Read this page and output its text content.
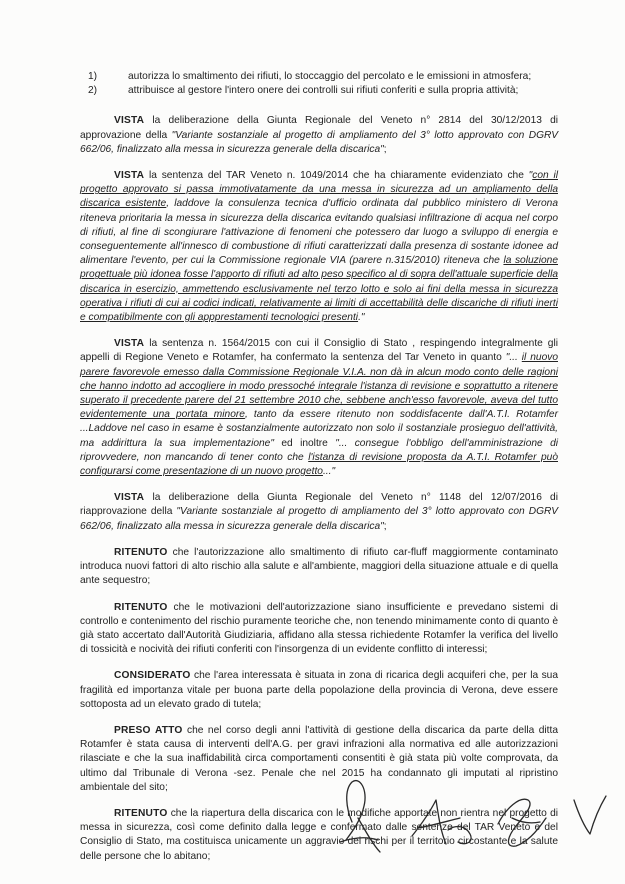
1)	autorizza lo smaltimento dei rifiuti, lo stoccaggio del percolato e le emissioni in atmosfera;
2)	attribuisce al gestore l'intero onere dei controlli sui rifiuti conferiti e sulla propria attività;

VISTA la deliberazione della Giunta Regionale del Veneto n° 2814 del 30/12/2013 di approvazione della "Variante sostanziale al progetto di ampliamento del 3° lotto approvato con DGRV 662/06, finalizzato alla messa in sicurezza generale della discarica";

VISTA la sentenza del TAR Veneto n. 1049/2014 che ha chiaramente evidenziato che "con il progetto approvato si passa immotivatamente da una messa in sicurezza ad un ampliamento della discarica esistente, laddove la consulenza tecnica d'ufficio ordinata dal pubblico ministero di Verona riteneva prioritaria la messa in sicurezza della discarica evitando qualsiasi infiltrazione di acqua nel corpo di rifiuti, al fine di scongiurare l'attivazione di fenomeni che potessero dar luogo a sviluppo di energia e conseguentemente all'innesco di combustione di rifiuti caratterizzati dalla presenza di sostante idonee ad alimentare l'evento, per cui la Commissione regionale VIA (parere n.315/2010) riteneva che la soluzione progettuale più idonea fosse l'apporto di rifiuti ad alto peso specifico al di sopra dell'attuale superficie della discarica in esercizio, ammettendo esclusivamente nel terzo lotto e solo ai fini della messa in sicurezza operativa i rifiuti di cui ai codici indicati, relativamente ai limiti di accettabilità delle discariche di rifiuti inerti e compatibilmente con gli appprestamenti tecnologici presenti."

VISTA la sentenza n. 1564/2015 con cui il Consiglio di Stato , respingendo integralmente gli appelli di Regione Veneto e Rotamfer, ha confermato la sentenza del Tar Veneto in quanto "... il nuovo parere favorevole emesso dalla Commissione Regionale V.I.A. non dà in alcun modo conto delle ragioni che hanno indotto ad accogliere in modo pressoché integrale l'istanza di revisione e soprattutto a ritenere superato il precedente parere del 21 settembre 2010 che, sebbene anch'esso favorevole, aveva del tutto evidentemente una portata minore, tanto da essere ritenuto non soddisfacente dall'A.T.I. Rotamfer ...Laddove nel caso in esame è sostanzialmente autorizzato non solo il sostanziale prosieguo dell'attività, ma addirittura la sua implementazione" ed inoltre "... conseguе l'obbligo dell'amministrazione di riprovvedere, non mancando di tener conto che l'istanza di revisione proposta da A.T.I. Rotamfer può configurarsi come presentazione di un nuovo progetto..."

VISTA la deliberazione della Giunta Regionale del Veneto n° 1148 del 12/07/2016 di riapprovazione della "Variante sostanziale al progetto di ampliamento del 3° lotto approvato con DGRV 662/06, finalizzato alla messa in sicurezza generale della discarica";

RITENUTO che l'autorizzazione allo smaltimento di rifiuto car-fluff maggiormente contaminato introduca nuovi fattori di alto rischio alla salute e all'ambiente, maggiori della situazione attuale e di quella ante sequestro;

RITENUTO che le motivazioni dell'autorizzazione siano insufficiente e prevedano sistemi di controllo e contenimento del rischio puramente teoriche che, non tenendo minimamente conto di quanto è già stato accertato dall'Autorità Giudiziaria, affidano alla stessa richiedente Rotamfer la verifica del livello di tossicità e nocività dei rifiuti conferiti con l'insorgenza di un evidente conflitto di interessi;

CONSIDERATO che l'area interessata è situata in zona di ricarica degli acquiferi che, per la sua fragilità ed importanza vitale per buona parte della popolazione della provincia di Verona, deve essere sottoposta ad un elevato grado di tutela;

PRESO ATTO che nel corso degli anni l'attività di gestione della discarica da parte della ditta Rotamfer è stata causa di interventi dell'A.G. per gravi infrazioni alla normativa ed alle autorizzazioni rilasciate e che la sua inaffidabilità circa comportamenti consentiti è già stata più volte comprovata, da ultimo dal Tribunale di Verona -sez. Penale che nel 2015 ha condannato gli imputati al ripristino ambientale del sito;

RITENUTO che la riapertura della discarica con le modifiche apportate non rientra nel progetto di messa in sicurezza, così come definito dalla legge e confermato dalle sentenze del TAR Veneto e del Consiglio di Stato, ma costituisca unicamente un aggravio dei rischi per il territorio circostante e la salute delle persone che lo abitano;
